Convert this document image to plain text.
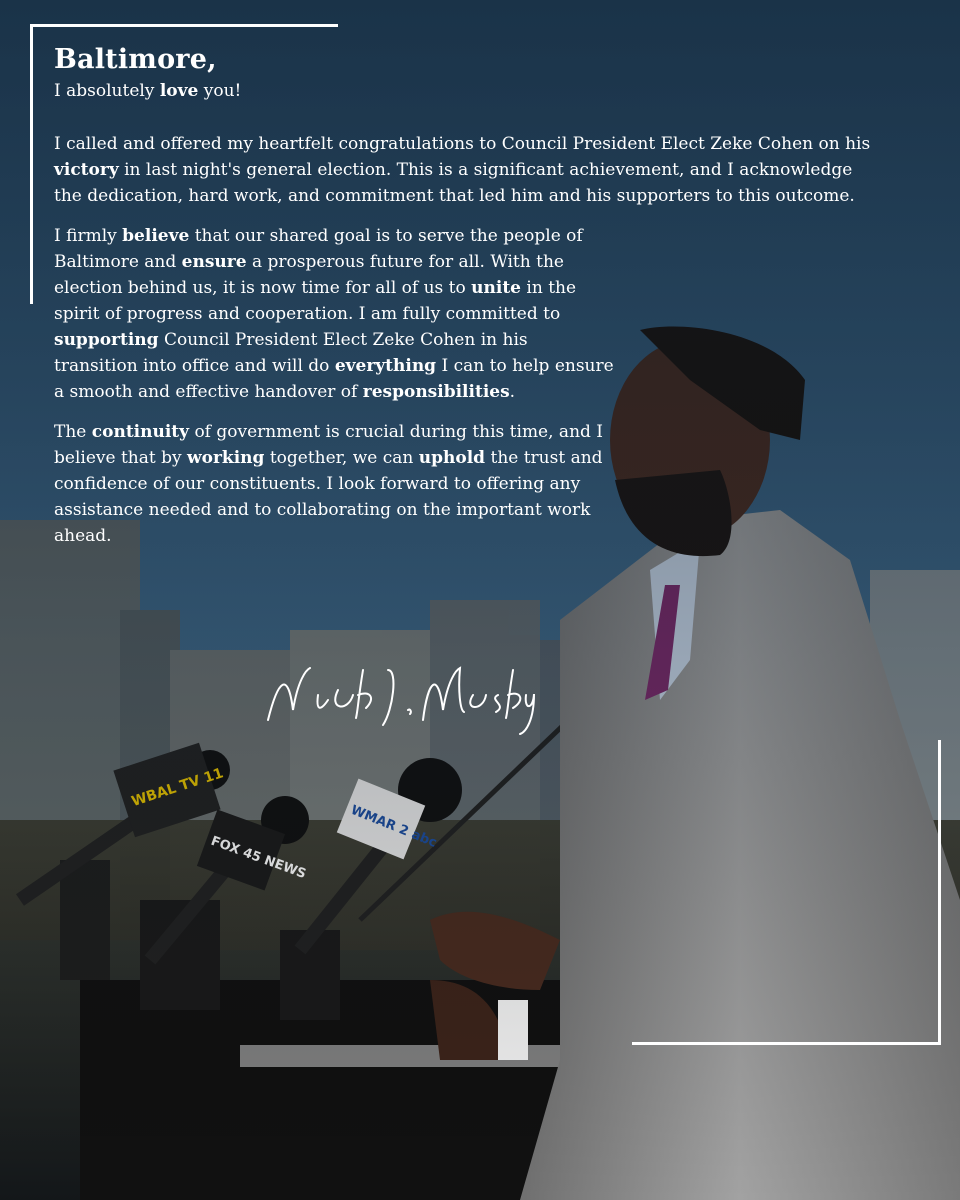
Baltimore,

I absolutely love you!

I called and offered my heartfelt congratulations to Council President Elect Zeke Cohen on his victory in last night's general election. This is a significant achievement, and I acknowledge the dedication, hard work, and commitment that led him and his supporters to this outcome.

I firmly believe that our shared goal is to serve the people of Baltimore and ensure a prosperous future for all. With the election behind us, it is now time for all of us to unite in the spirit of progress and cooperation. I am fully committed to supporting Council President Elect Zeke Cohen in his transition into office and will do everything I can to help ensure a smooth and effective handover of responsibilities.

The continuity of government is crucial during this time, and I believe that by working together, we can uphold the trust and confidence of our constituents. I look forward to offering any assistance needed and to collaborating on the important work ahead.
